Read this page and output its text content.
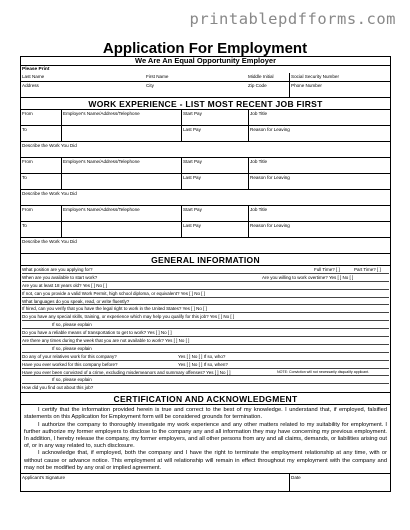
printablepdfforms.com
Application For Employment
We Are An Equal Opportunity Employer
Please Print
Last Name	First Name	Middle Initial	Social Security Number
Address	City	Zip Code	Phone Number
WORK EXPERIENCE - LIST MOST RECENT JOB FIRST
From	Employer's Name/Address/Telephone	Start Pay	Job Title
To	Last Pay	Reason for Leaving
Describe the Work You Did
From	Employer's Name/Address/Telephone	Start Pay	Job Title
To	Last Pay	Reason for Leaving
Describe the Work You Did
From	Employer's Name/Address/Telephone	Start Pay	Job Title
To	Last Pay	Reason for Leaving
Describe the Work You Did
GENERAL INFORMATION
What position are you applying for?	Full Time? [ ]	Part Time? [ ]
When are you available to start work?	Are you willing to work overtime? Yes [ ] No [ ]
Are you at least 18 years old? Yes [ ] No [ ]
If not, can you provide a valid Work Permit, high school diploma, or equivalent? Yes [ ] No [ ]
What languages do you speak, read, or write fluently?
If hired, can you verify that you have the legal right to work in the United States? Yes [ ] No [ ]
Do you have any special skills, training, or experience which may help you qualify for this job? Yes [ ] No [ ]
If so, please explain
Do you have a reliable means of transportation to get to work? Yes [ ] No [ ]
Are there any times during the week that you are not available to work? Yes [ ] No [ ]
If so, please explain
Do any of your relatives work for this company?	Yes [ ] No [ ] If so, who?
Have you ever worked for this company before?	Yes [ ] No [ ] If so, when?
Have you ever been convicted of a crime, excluding misdemeanors and summary offenses? Yes [ ] No [ ]	NOTE: Conviction will not necessarily disqualify applicant.
If so, please explain
How did you find out about this job?
CERTIFICATION AND ACKNOWLEDGMENT

I certify that the information provided herein is true and correct to the best of my knowledge. I understand that, if employed, falsified statements on this Application for Employment form will be considered grounds for termination.

I authorize the company to thoroughly investigate my work experience and any other matters related to my suitability for employment. I further authorize my former employers to disclose to the company any and all information they may have concerning my previous employment. In addition, I hereby release the company, my former employers, and all other persons from any and all claims, demands, or liabilities arising out of, or in any way related to, such disclosure.

I acknowledge that, if employed, both the company and I have the right to terminate the employment relationship at any time, with or without cause or advance notice. This employment at will relationship will remain in effect throughout my employment with the company and may not be modified by any oral or implied agreement.

Applicant's Signature	Date
